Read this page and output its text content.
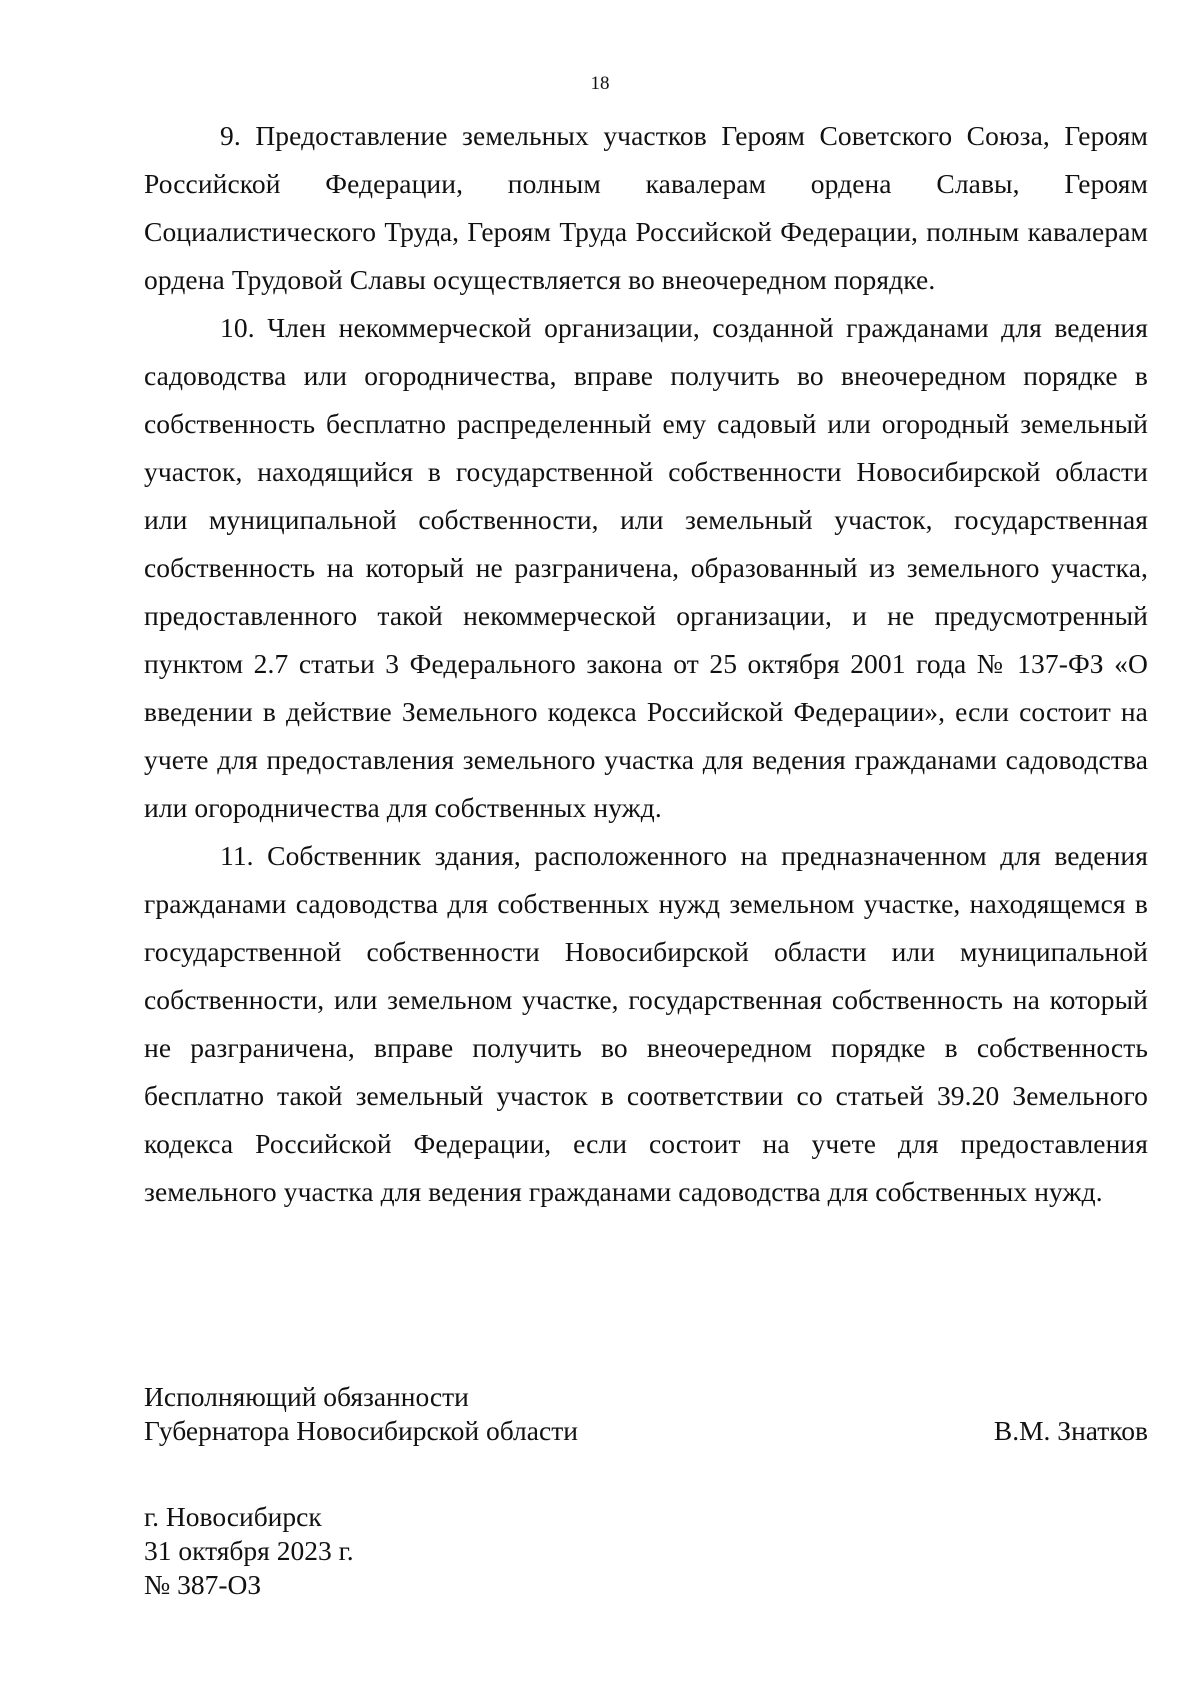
18

9. Предоставление земельных участков Героям Советского Союза, Героям Российской Федерации, полным кавалерам ордена Славы, Героям Социалистического Труда, Героям Труда Российской Федерации, полным кавалерам ордена Трудовой Славы осуществляется во внеочередном порядке.

10. Член некоммерческой организации, созданной гражданами для ведения садоводства или огородничества, вправе получить во внеочередном порядке в собственность бесплатно распределенный ему садовый или огородный земельный участок, находящийся в государственной собственности Новосибирской области или муниципальной собственности, или земельный участок, государственная собственность на который не разграничена, образованный из земельного участка, предоставленного такой некоммерческой организации, и не предусмотренный пунктом 2.7 статьи 3 Федерального закона от 25 октября 2001 года № 137-ФЗ «О введении в действие Земельного кодекса Российской Федерации», если состоит на учете для предоставления земельного участка для ведения гражданами садоводства или огородничества для собственных нужд.

11. Собственник здания, расположенного на предназначенном для ведения гражданами садоводства для собственных нужд земельном участке, находящемся в государственной собственности Новосибирской области или муниципальной собственности, или земельном участке, государственная собственность на который не разграничена, вправе получить во внеочередном порядке в собственность бесплатно такой земельный участок в соответствии со статьей 39.20 Земельного кодекса Российской Федерации, если состоит на учете для предоставления земельного участка для ведения гражданами садоводства для собственных нужд.

Исполняющий обязанности
Губернатора Новосибирской области	В.М. Знатков
г. Новосибирск
31 октября 2023 г.
№ 387-ОЗ
